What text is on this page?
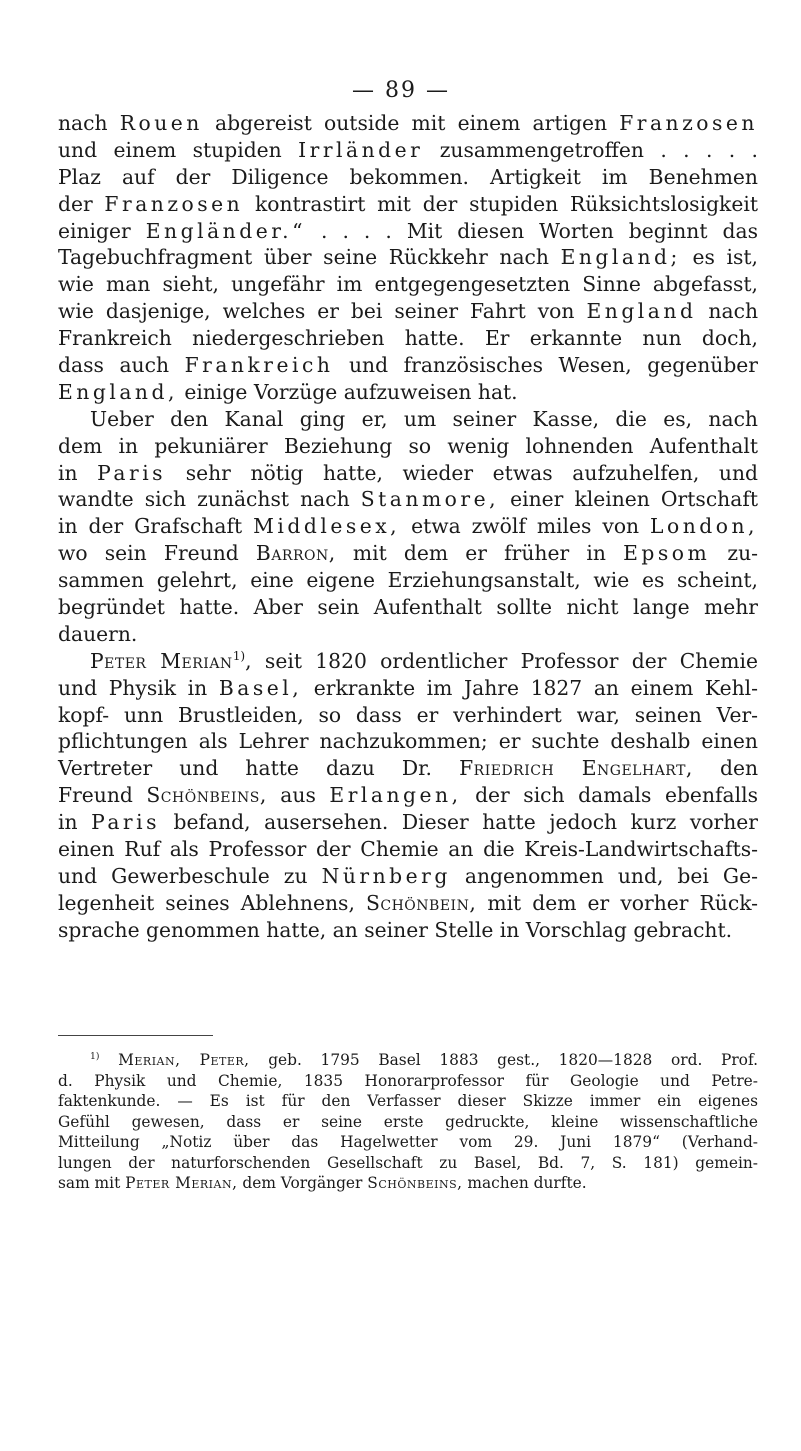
— 89 —
nach Rouen abgereist outside mit einem artigen Franzosen
und einem stupiden Irrländer zusammengetroffen . . . . .
Plaz auf der Diligence bekommen. Artigkeit im Benehmen
der Franzosen kontrastirt mit der stupiden Rüksichtslosigkeit
einiger Engländer.“ . . . . Mit diesen Worten beginnt das
Tagebuchfragment über seine Rückkehr nach England; es ist,
wie man sieht, ungefähr im entgegengesetzten Sinne abgefasst,
wie dasjenige, welches er bei seiner Fahrt von England nach
Frankreich niedergeschrieben hatte. Er erkannte nun doch,
dass auch Frankreich und französisches Wesen, gegenüber
England, einige Vorzüge aufzuweisen hat.
Ueber den Kanal ging er, um seiner Kasse, die es, nach
dem in pekuniärer Beziehung so wenig lohnenden Aufenthalt
in Paris sehr nötig hatte, wieder etwas aufzuhelfen, und
wandte sich zunächst nach Stanmore, einer kleinen Ortschaft
in der Grafschaft Middlesex, etwa zwölf miles von London,
wo sein Freund Barron, mit dem er früher in Epsom zu-
sammen gelehrt, eine eigene Erziehungsanstalt, wie es scheint,
begründet hatte. Aber sein Aufenthalt sollte nicht lange mehr
dauern.
Peter Merian$^{1)}$, seit 1820 ordentlicher Professor der Chemie
und Physik in Basel, erkrankte im Jahre 1827 an einem Kehl-
kopf- unn Brustleiden, so dass er verhindert war, seinen Ver-
pflichtungen als Lehrer nachzukommen; er suchte deshalb einen
Vertreter und hatte dazu Dr. Friedrich Engelhart, den
Freund Schönbeins, aus Erlangen, der sich damals ebenfalls
in Paris befand, ausersehen. Dieser hatte jedoch kurz vorher
einen Ruf als Professor der Chemie an die Kreis-Landwirtschafts-
und Gewerbeschule zu Nürnberg angenommen und, bei Ge-
legenheit seines Ablehnens, Schönbein, mit dem er vorher Rück-
sprache genommen hatte, an seiner Stelle in Vorschlag gebracht.
$^{1)}$ Merian, Peter, geb. 1795 Basel 1883 gest., 1820—1828 ord. Prof.
d. Physik und Chemie, 1835 Honorarprofessor für Geologie und Petre-
faktenkunde. — Es ist für den Verfasser dieser Skizze immer ein eigenes
Gefühl gewesen, dass er seine erste gedruckte, kleine wissenschaftliche
Mitteilung „Notiz über das Hagelwetter vom 29. Juni 1879“ (Verhand-
lungen der naturforschenden Gesellschaft zu Basel, Bd. 7, S. 181) gemein-
sam mit Peter Merian, dem Vorgänger Schönbeins, machen durfte.
